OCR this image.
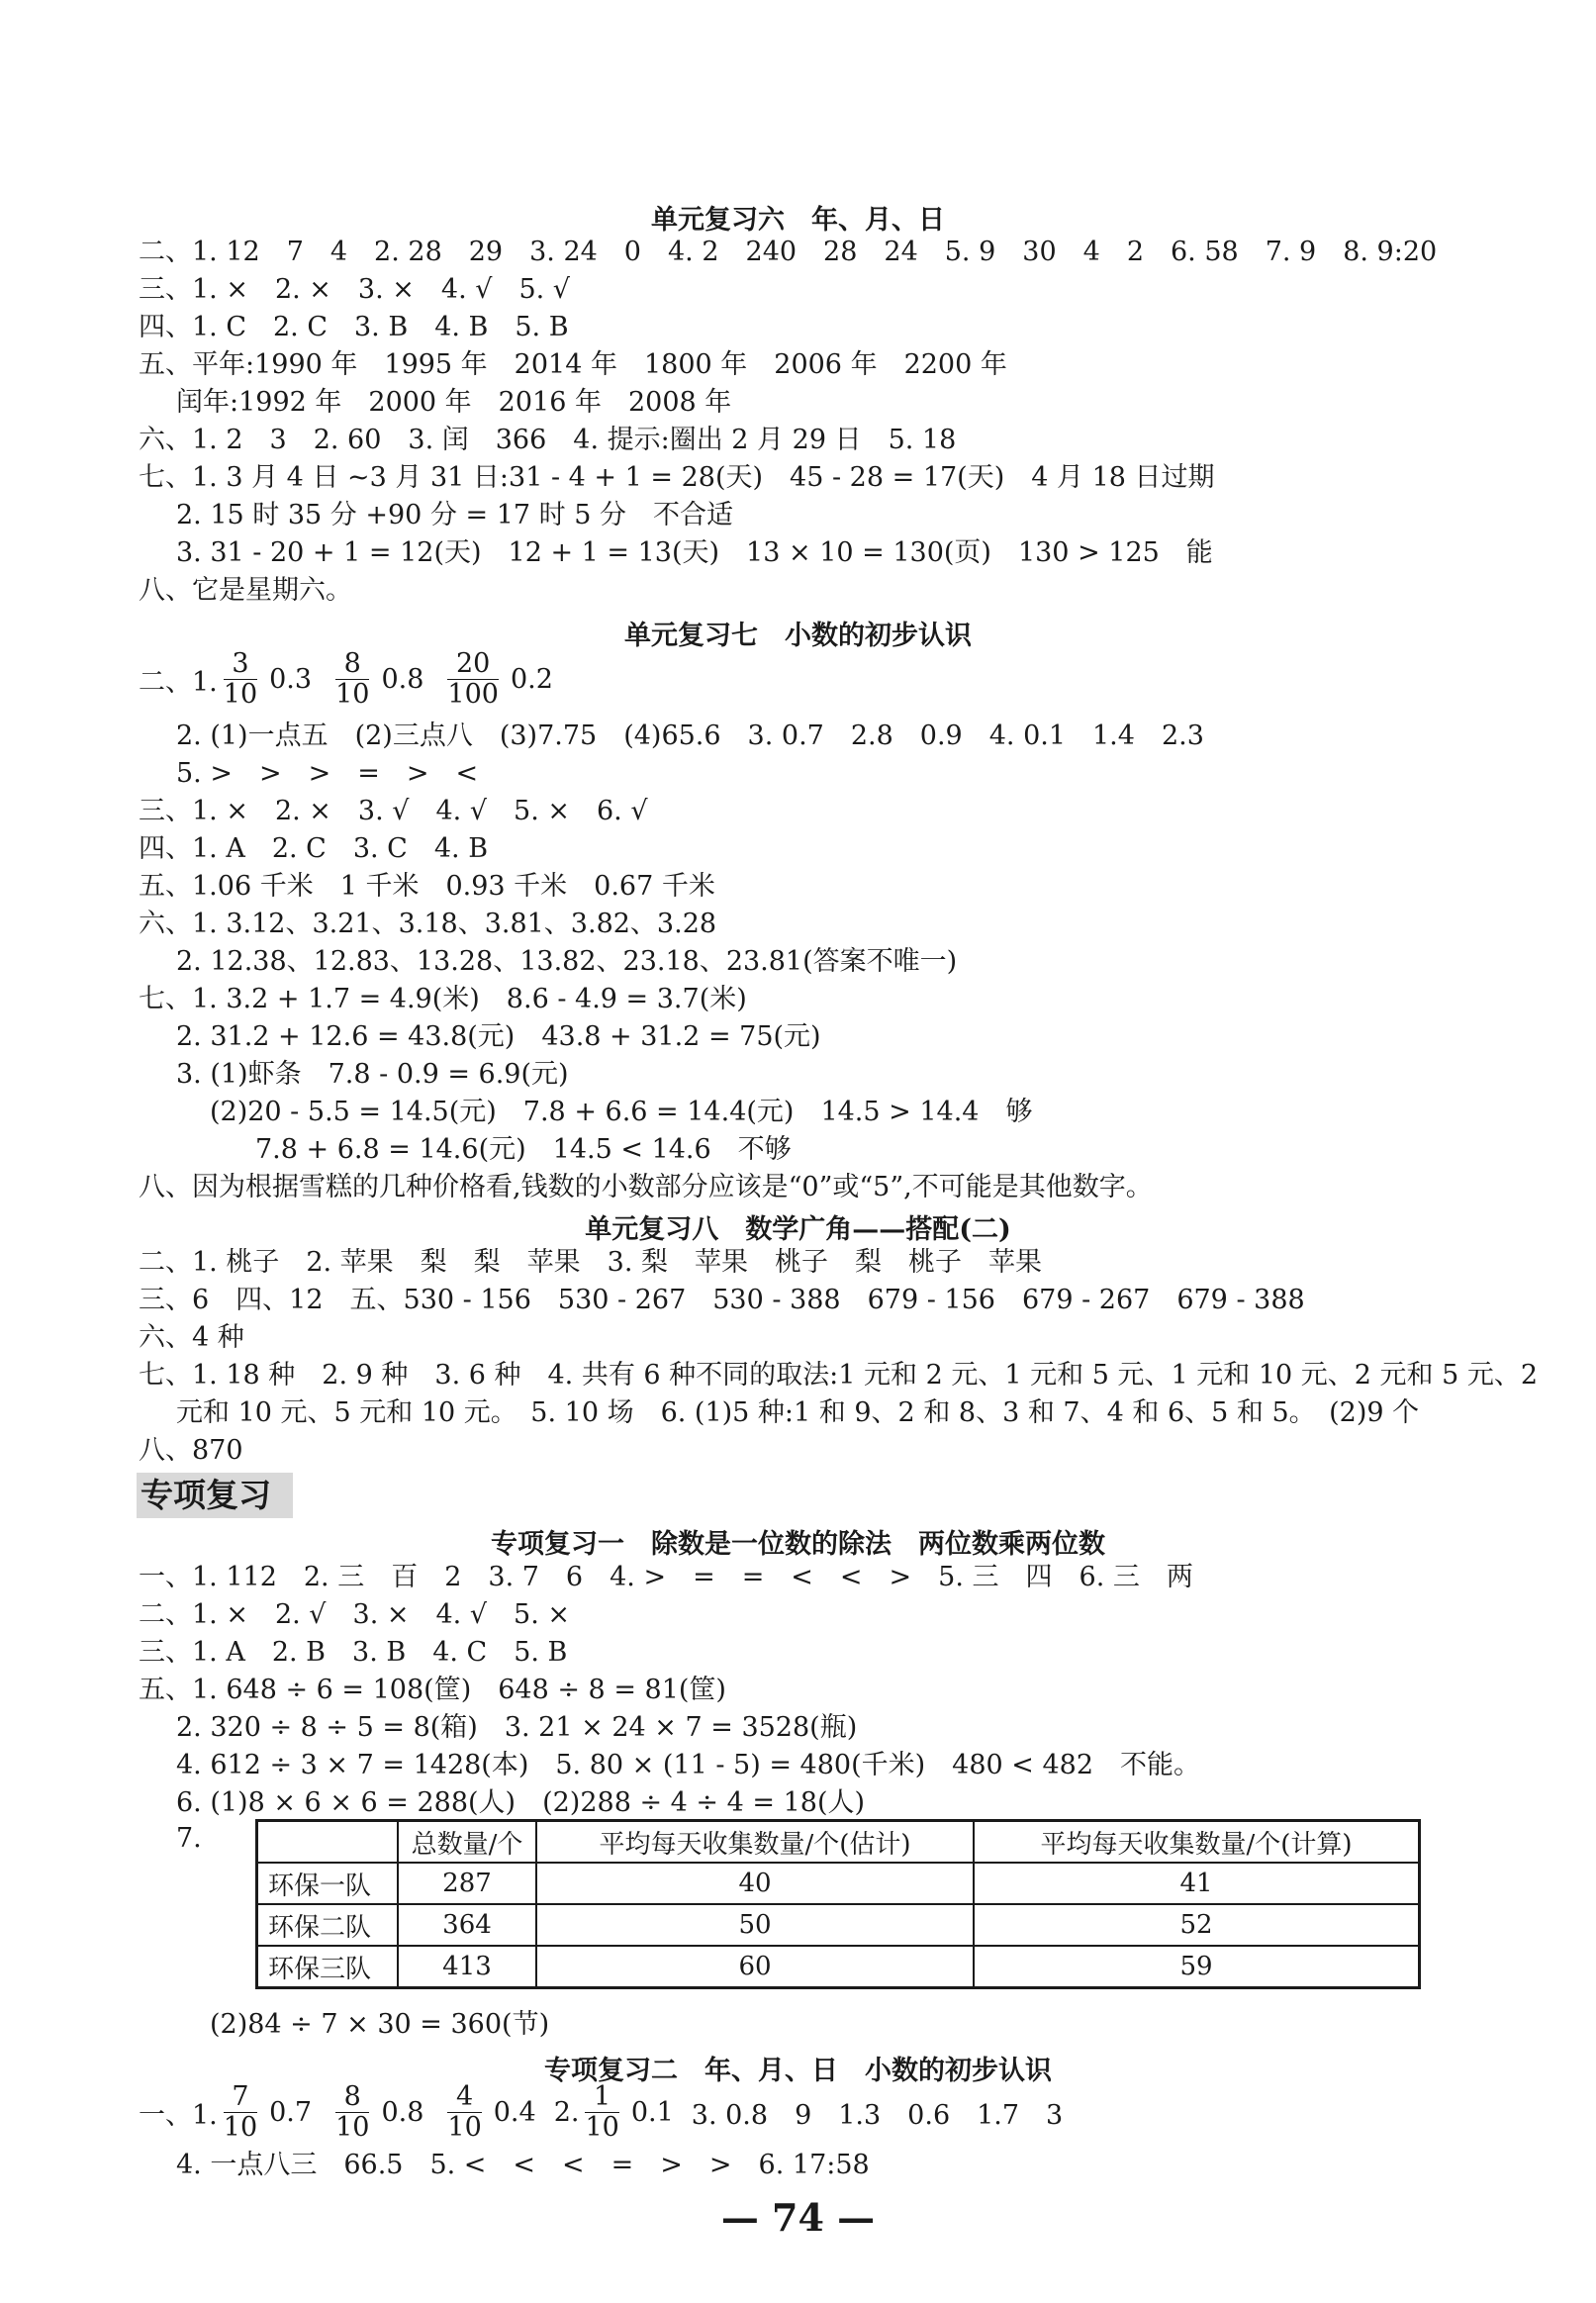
单元复习六　年、月、日
二、1. 12　7　4　2. 28　29　3. 24　0　4. 2　240　28　24　5. 9　30　4　2　6. 58　7. 9　8. 9:20
三、1. ×　2. ×　3. ×　4. √　5. √
四、1. C　2. C　3. B　4. B　5. B
五、平年:1990 年　1995 年　2014 年　1800 年　2006 年　2200 年
闰年:1992 年　2000 年　2016 年　2008 年
六、1. 2　3　2. 60　3. 闰　366　4. 提示:圈出 2 月 29 日　5. 18
七、1. 3 月 4 日 ~3 月 31 日:31 - 4 + 1 = 28(天)　45 - 28 = 17(天)　4 月 18 日过期
2. 15 时 35 分 +90 分 = 17 时 5 分　不合适
3. 31 - 20 + 1 = 12(天)　12 + 1 = 13(天)　13 × 10 = 130(页)　130 > 125　能
八、它是星期六。
单元复习七　小数的初步认识
二、1. $\frac{3}{10} 0.3 \frac{8}{10} 0.8 \frac{20}{100} 0.2$
2. (1)一点五　(2)三点八　(3)7.75　(4)65.6　3. 0.7　2.8　0.9　4. 0.1　1.4　2.3
5. >　>　>　=　>　<
三、1. ×　2. ×　3. √　4. √　5. ×　6. √
四、1. A　2. C　3. C　4. B
五、1.06 千米　1 千米　0.93 千米　0.67 千米
六、1. 3.12、3.21、3.18、3.81、3.82、3.28
2. 12.38、12.83、13.28、13.82、23.18、23.81(答案不唯一)
七、1. 3.2 + 1.7 = 4.9(米)　8.6 - 4.9 = 3.7(米)
2. 31.2 + 12.6 = 43.8(元)　43.8 + 31.2 = 75(元)
3. (1)虾条　7.8 - 0.9 = 6.9(元)
(2)20 - 5.5 = 14.5(元)　7.8 + 6.6 = 14.4(元)　14.5 > 14.4　够
7.8 + 6.8 = 14.6(元)　14.5 < 14.6　不够
八、因为根据雪糕的几种价格看,钱数的小数部分应该是“0”或“5”,不可能是其他数字。
单元复习八　数学广角——搭配(二)
二、1. 桃子　2. 苹果　梨　梨　苹果　3. 梨　苹果　桃子　梨　桃子　苹果
三、6　四、12　五、530 - 156　530 - 267　530 - 388　679 - 156　679 - 267　679 - 388
六、4 种
七、1. 18 种　2. 9 种　3. 6 种　4. 共有 6 种不同的取法:1 元和 2 元、1 元和 5 元、1 元和 10 元、2 元和 5 元、2
元和 10 元、5 元和 10 元。　5. 10 场　6. (1)5 种:1 和 9、2 和 8、3 和 7、4 和 6、5 和 5。　(2)9 个
八、870
专项复习
专项复习一　除数是一位数的除法　两位数乘两位数
一、1. 112　2. 三　百　2　3. 7　6　4. >　=　=　<　<　>　5. 三　四　6. 三　两
二、1. ×　2. √　3. ×　4. √　5. ×
三、1. A　2. B　3. B　4. C　5. B
五、1. 648 ÷ 6 = 108(筐)　648 ÷ 8 = 81(筐)
2. 320 ÷ 8 ÷ 5 = 8(箱)　3. 21 × 24 × 7 = 3528(瓶)
4. 612 ÷ 3 × 7 = 1428(本)　5. 80 × (11 - 5) = 480(千米)　480 < 482　不能。
6. (1)8 × 6 × 6 = 288(人)　(2)288 ÷ 4 ÷ 4 = 18(人)
7.
		总数量/个	平均每天收集数量/个(估计)	平均每天收集数量/个(计算)
环保一队	287	40	41
环保二队	364	50	52
环保三队	413	60	59
(2)84 ÷ 7 × 30 = 360(节)
专项复习二　年、月、日　小数的初步认识
一、1. $\frac{7}{10} 0.7 \frac{8}{10} 0.8 \frac{4}{10} 0.4$ 2. $\frac{1}{10} 0.1$ 3. 0.8　9　1.3　0.6　1.7　3
4. 一点八三　66.5　5. <　<　<　=　>　>　6. 17:58
— 74 —
